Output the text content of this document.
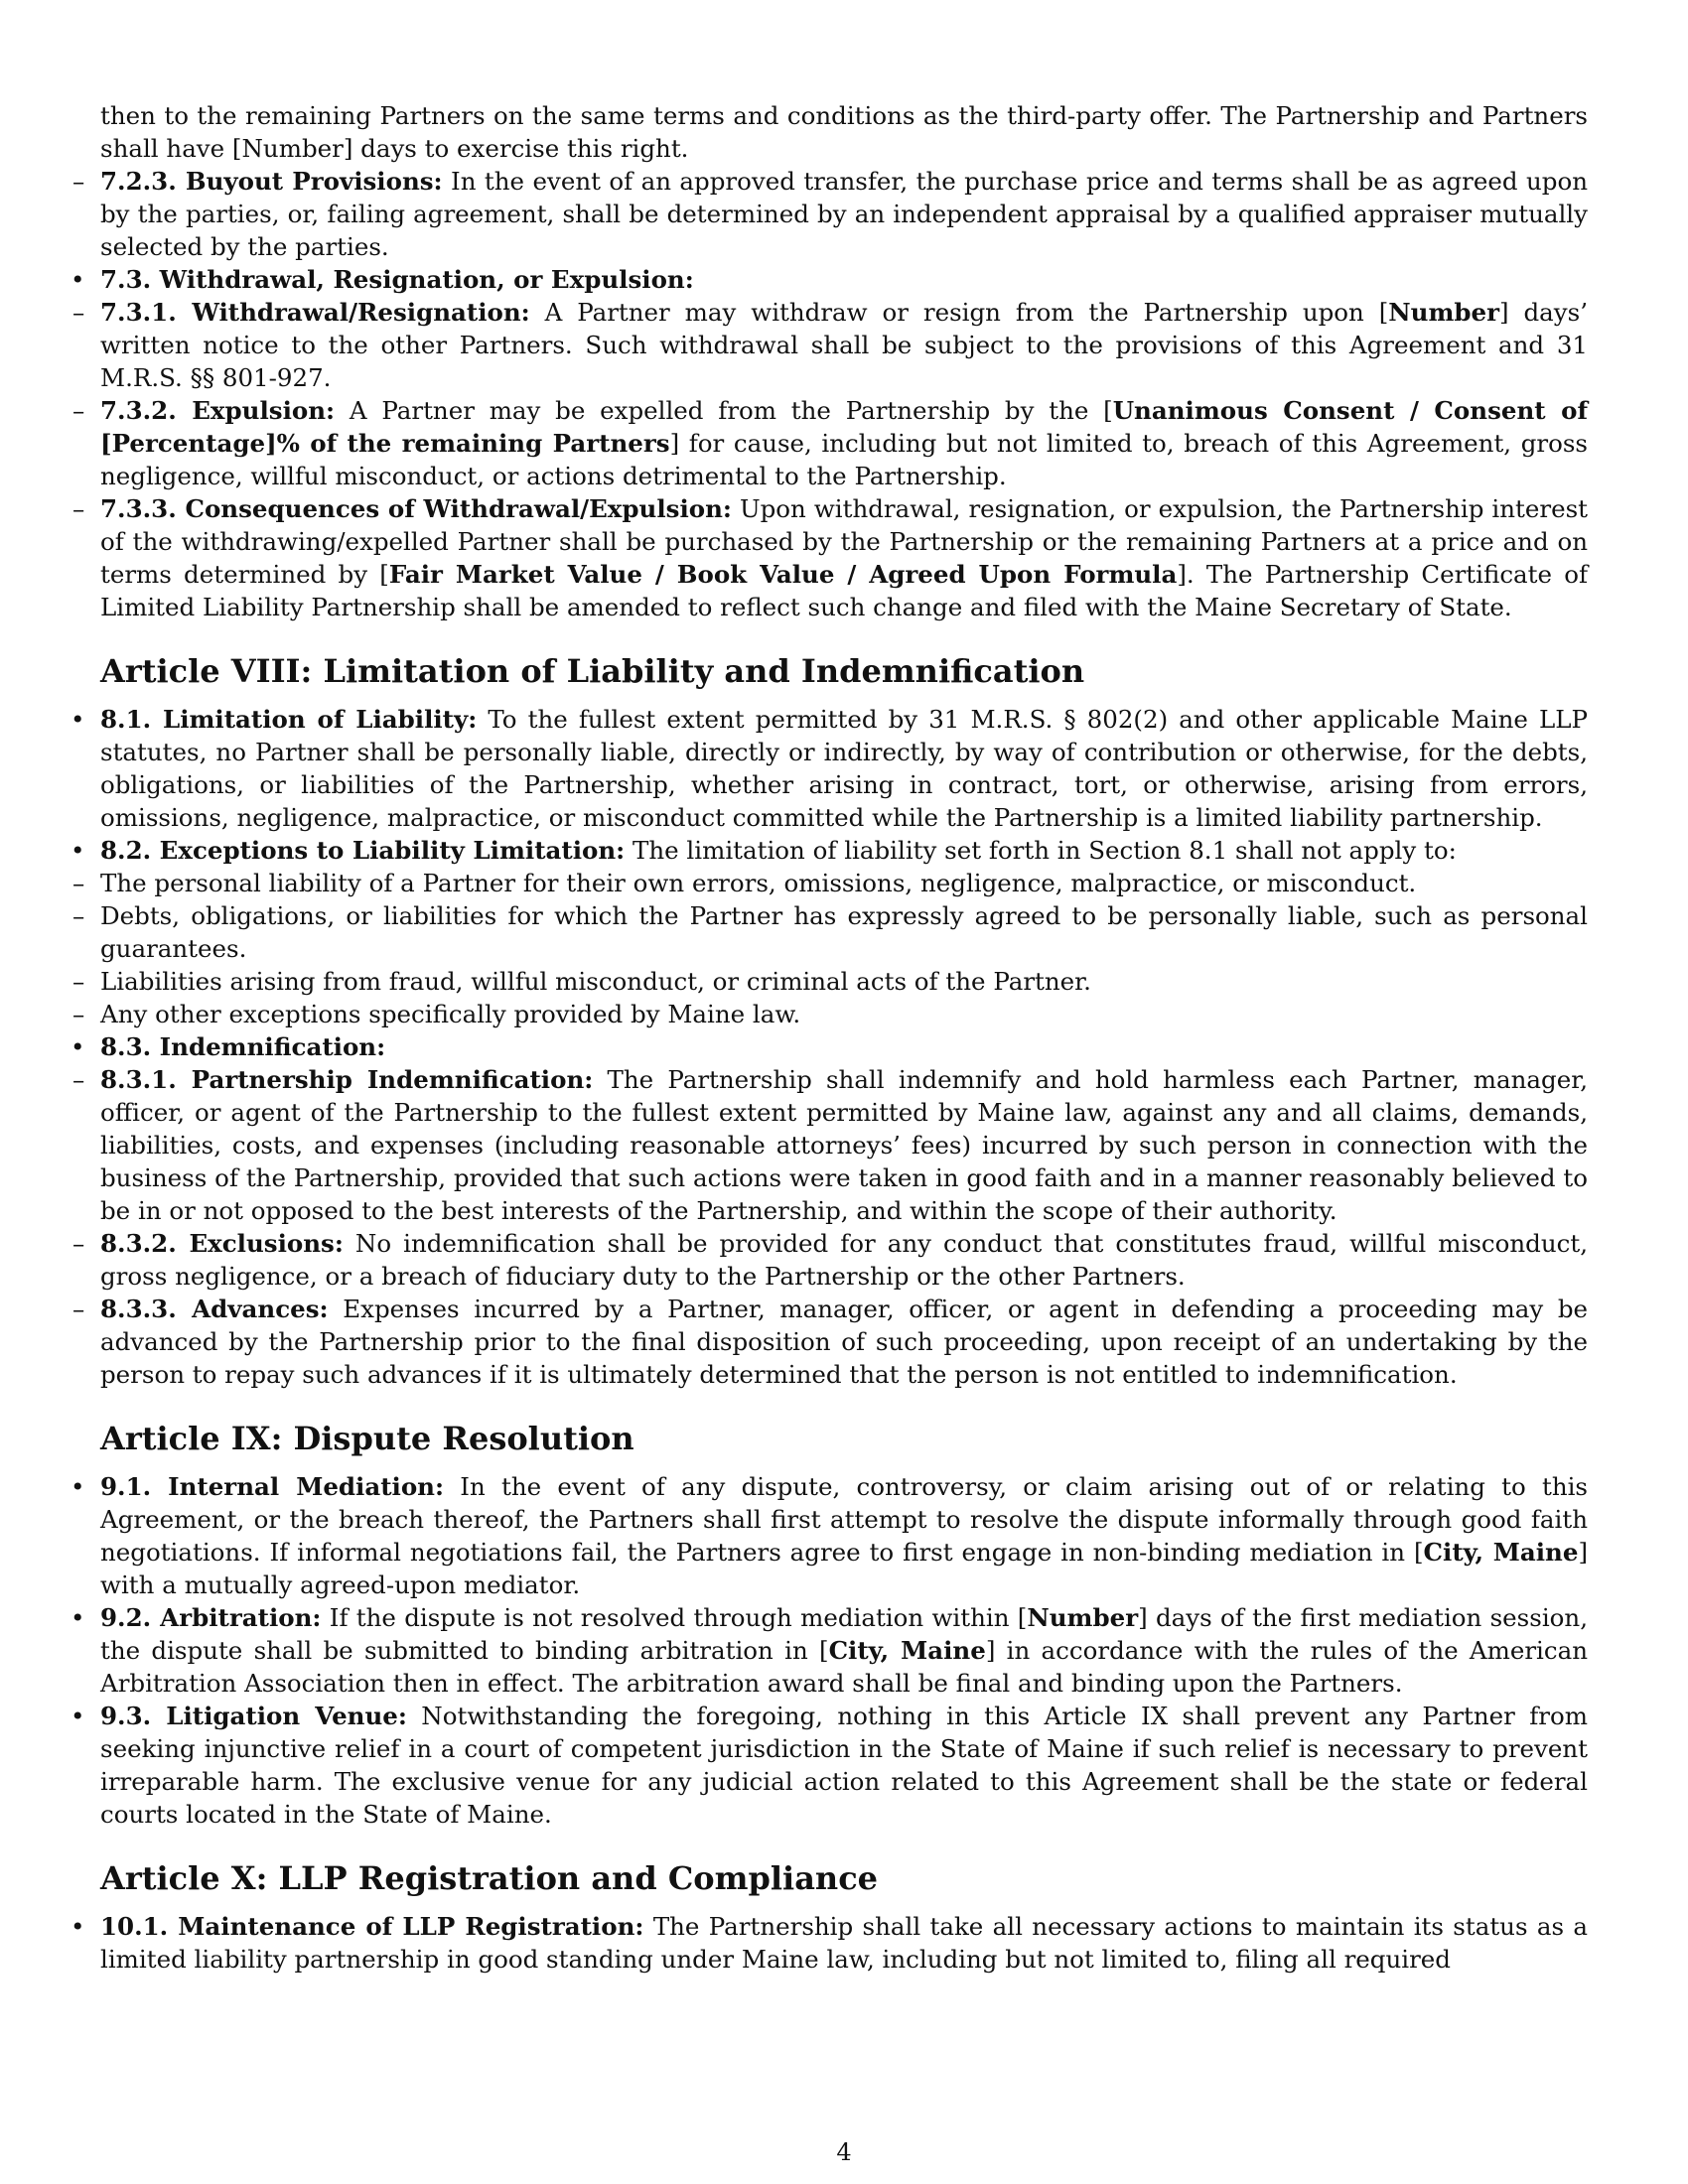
then to the remaining Partners on the same terms and conditions as the third-party offer. The Partnership and Partners shall have [Number] days to exercise this right.

– 7.2.3. Buyout Provisions: In the event of an approved transfer, the purchase price and terms shall be as agreed upon by the parties, or, failing agreement, shall be determined by an independent appraisal by a qualified appraiser mutually selected by the parties.

• 7.3. Withdrawal, Resignation, or Expulsion:

– 7.3.1. Withdrawal/Resignation: A Partner may withdraw or resign from the Partnership upon [Number] days’ written notice to the other Partners. Such withdrawal shall be subject to the provisions of this Agreement and 31 M.R.S. §§ 801-927.

– 7.3.2. Expulsion: A Partner may be expelled from the Partnership by the [Unanimous Consent / Consent of [Percentage]% of the remaining Partners] for cause, including but not limited to, breach of this Agreement, gross negligence, willful misconduct, or actions detrimental to the Partnership.

– 7.3.3. Consequences of Withdrawal/Expulsion: Upon withdrawal, resignation, or expulsion, the Partnership interest of the withdrawing/expelled Partner shall be purchased by the Partnership or the remaining Partners at a price and on terms determined by [Fair Market Value / Book Value / Agreed Upon Formula]. The Partnership Certificate of Limited Liability Partnership shall be amended to reflect such change and filed with the Maine Secretary of State.

Article VIII: Limitation of Liability and Indemnification

• 8.1. Limitation of Liability: To the fullest extent permitted by 31 M.R.S. § 802(2) and other applicable Maine LLP statutes, no Partner shall be personally liable, directly or indirectly, by way of contribution or otherwise, for the debts, obligations, or liabilities of the Partnership, whether arising in contract, tort, or otherwise, arising from errors, omissions, negligence, malpractice, or misconduct committed while the Partnership is a limited liability partnership.

• 8.2. Exceptions to Liability Limitation: The limitation of liability set forth in Section 8.1 shall not apply to:

– The personal liability of a Partner for their own errors, omissions, negligence, malpractice, or misconduct.

– Debts, obligations, or liabilities for which the Partner has expressly agreed to be personally liable, such as personal guarantees.

– Liabilities arising from fraud, willful misconduct, or criminal acts of the Partner.

– Any other exceptions specifically provided by Maine law.

• 8.3. Indemnification:

– 8.3.1. Partnership Indemnification: The Partnership shall indemnify and hold harmless each Partner, manager, officer, or agent of the Partnership to the fullest extent permitted by Maine law, against any and all claims, demands, liabilities, costs, and expenses (including reasonable attorneys’ fees) incurred by such person in connection with the business of the Partnership, provided that such actions were taken in good faith and in a manner reasonably believed to be in or not opposed to the best interests of the Partnership, and within the scope of their authority.

– 8.3.2. Exclusions: No indemnification shall be provided for any conduct that constitutes fraud, willful misconduct, gross negligence, or a breach of fiduciary duty to the Partnership or the other Partners.

– 8.3.3. Advances: Expenses incurred by a Partner, manager, officer, or agent in defending a proceeding may be advanced by the Partnership prior to the final disposition of such proceeding, upon receipt of an undertaking by the person to repay such advances if it is ultimately determined that the person is not entitled to indemnification.

Article IX: Dispute Resolution

• 9.1. Internal Mediation: In the event of any dispute, controversy, or claim arising out of or relating to this Agreement, or the breach thereof, the Partners shall first attempt to resolve the dispute informally through good faith negotiations. If informal negotiations fail, the Partners agree to first engage in non-binding mediation in [City, Maine] with a mutually agreed-upon mediator.

• 9.2. Arbitration: If the dispute is not resolved through mediation within [Number] days of the first mediation session, the dispute shall be submitted to binding arbitration in [City, Maine] in accordance with the rules of the American Arbitration Association then in effect. The arbitration award shall be final and binding upon the Partners.

• 9.3. Litigation Venue: Notwithstanding the foregoing, nothing in this Article IX shall prevent any Partner from seeking injunctive relief in a court of competent jurisdiction in the State of Maine if such relief is necessary to prevent irreparable harm. The exclusive venue for any judicial action related to this Agreement shall be the state or federal courts located in the State of Maine.

Article X: LLP Registration and Compliance

• 10.1. Maintenance of LLP Registration: The Partnership shall take all necessary actions to maintain its status as a limited liability partnership in good standing under Maine law, including but not limited to, filing all required

4
